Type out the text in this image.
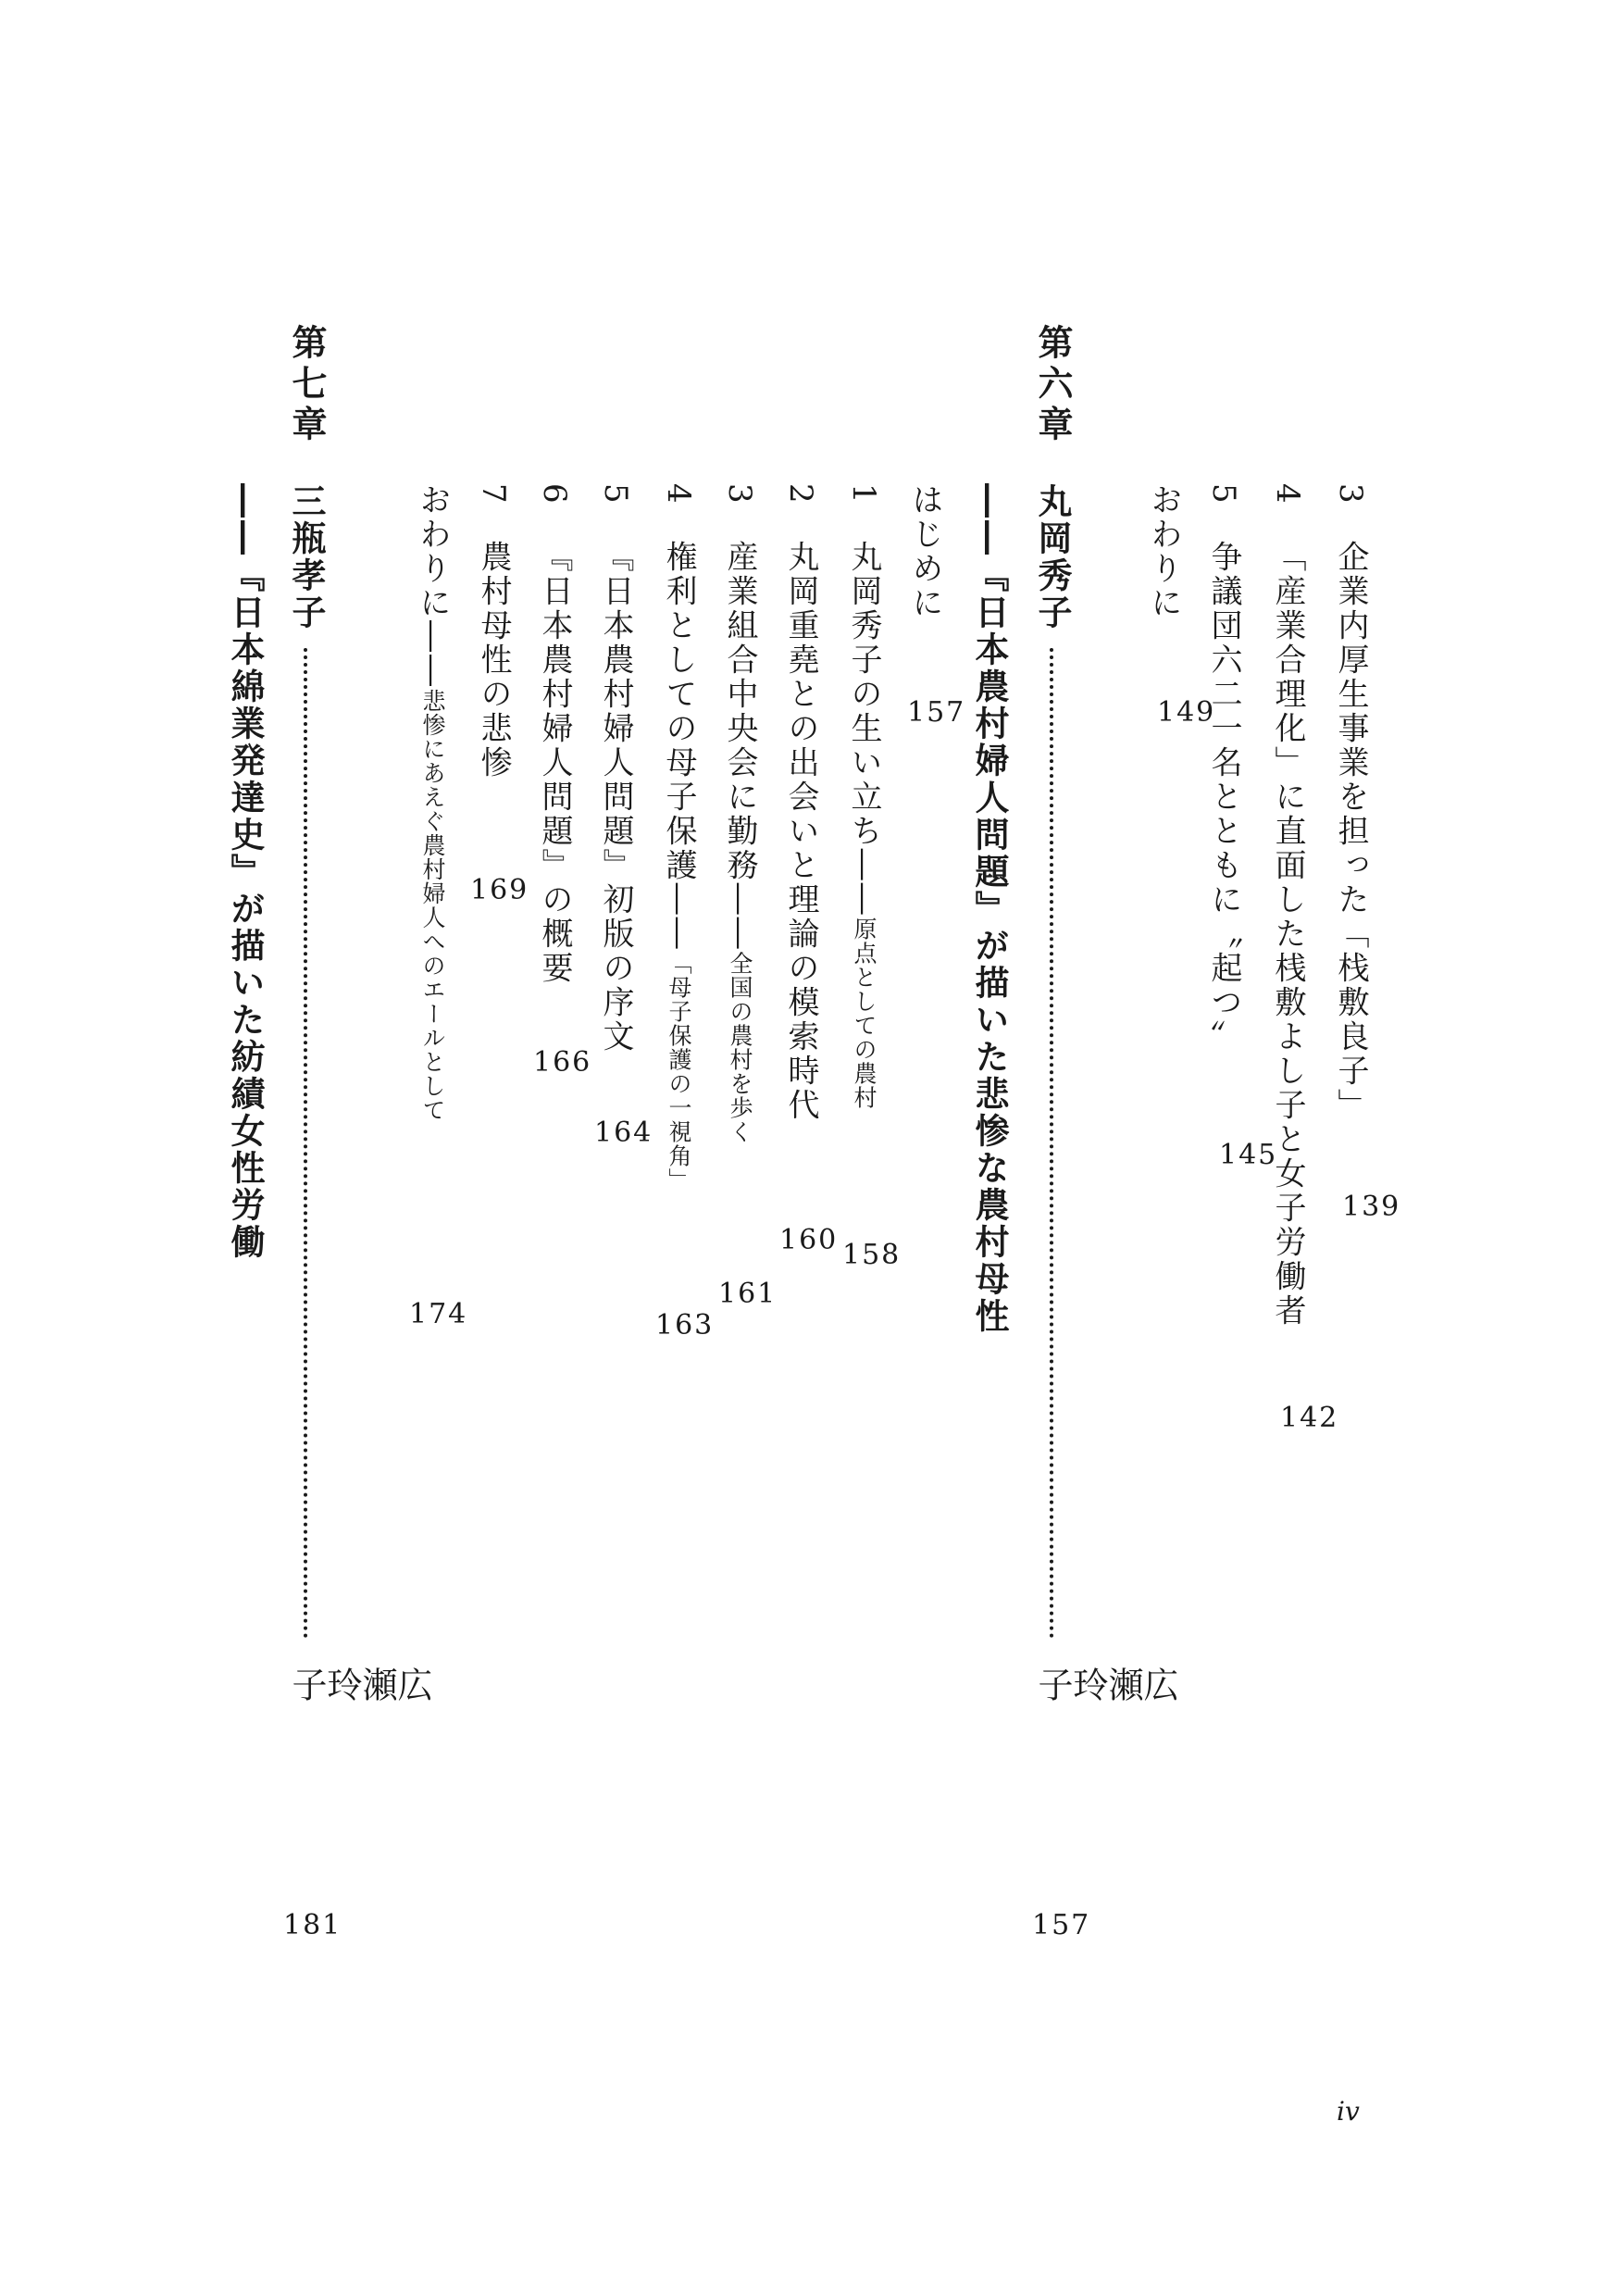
3企業内厚生事業を担った「栈敷良子」
139
4「産業合理化」に直面した桟敷よし子と女子労働者
142
5争議団六二一名とともに〝起つ〟
145
おわりに
149
第六章
丸岡秀子
広
瀬
玲
子
157
――『日本農村婦人問題』が描いた悲惨な農村母性
はじめに
157
1丸岡秀子の生い立ち――原点としての農村
158
2丸岡重堯との出会いと理論の模索時代
160
3産業組合中央会に勤務――全国の農村を歩く
161
4権利としての母子保護――「母子保護の一視角」
163
5『日本農村婦人問題』初版の序文
164
6『日本農村婦人問題』の概要
166
7農村母性の悲惨
169
おわりに――悲惨にあえぐ農村婦人へのエールとして
174
第七章
三瓶孝子
広
瀬
玲
子
181
――『日本綿業発達史』が描いた紡績女性労働
iv
